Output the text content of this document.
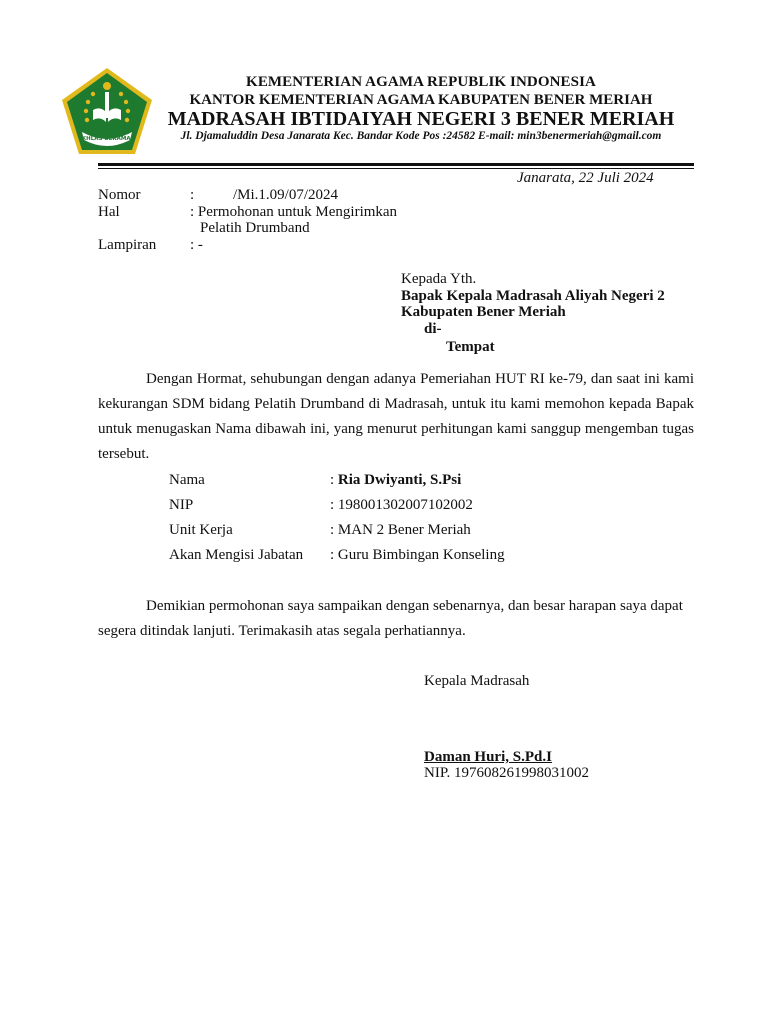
IKHLAS BERAMAL
KEMENTERIAN AGAMA REPUBLIK INDONESIA
KANTOR KEMENTERIAN AGAMA KABUPATEN BENER MERIAH
MADRASAH IBTIDAIYAH NEGERI 3 BENER MERIAH
Jl. Djamaluddin Desa Janarata Kec. Bandar Kode Pos :24582 E-mail: min3benermeriah@gmail.com
Janarata, 22 Juli 2024
Nomor	:	/Mi.1.09/07/2024
Hal	: Permohonan untuk Mengirimkan
Pelatih Drumband
Lampiran : -
Kepada Yth.
Bapak Kepala Madrasah Aliyah Negeri 2
Kabupaten Bener Meriah
di-
Tempat
Dengan Hormat, sehubungan dengan adanya Pemeriahan HUT RI ke-79, dan saat ini kami kekurangan SDM bidang Pelatih Drumband di Madrasah, untuk itu kami memohon kepada Bapak untuk menugaskan Nama dibawah ini, yang menurut perhitungan kami sanggup mengemban tugas tersebut.
Nama	: Ria Dwiyanti, S.Psi
NIP	: 198001302007102002
Unit Kerja	: MAN 2 Bener Meriah
Akan Mengisi Jabatan : Guru Bimbingan Konseling
Demikian permohonan saya sampaikan dengan sebenarnya, dan besar harapan saya dapat segera ditindak lanjuti. Terimakasih atas segala perhatiannya.
Kepala Madrasah
Daman Huri, S.Pd.I
NIP. 197608261998031002
